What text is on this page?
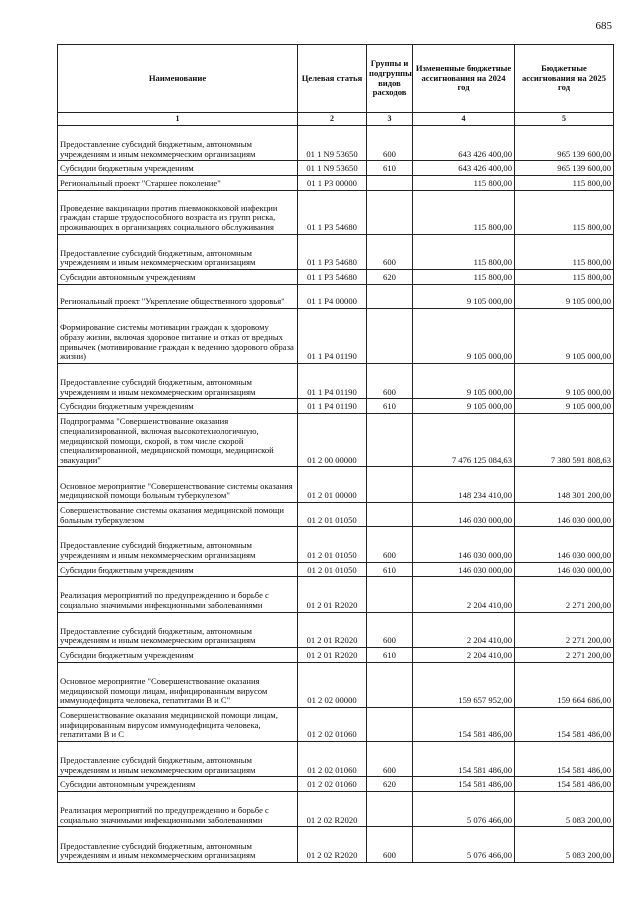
685
Наименование	Целевая статья	Группы и подгруппы видов расходов	Измененные бюджетные ассигнования на 2024 год	Бюджетные ассигнования на 2025 год
1	2	3	4	5
Предоставление субсидий бюджетным, автономным учреждениям и иным некоммерческим организациям	01 1 N9 53650	600	643 426 400,00	965 139 600,00
Субсидии бюджетным учреждениям	01 1 N9 53650	610	643 426 400,00	965 139 600,00
Региональный проект "Старшее поколение"	01 1 P3 00000		115 800,00	115 800,00
Проведение вакцинации против пневмококковой инфекции граждан старше трудоспособного возраста из групп риска, проживающих в организациях социального обслуживания	01 1 P3 54680		115 800,00	115 800,00
Предоставление субсидий бюджетным, автономным учреждениям и иным некоммерческим организациям	01 1 P3 54680	600	115 800,00	115 800,00
Субсидии автономным учреждениям	01 1 P3 54680	620	115 800,00	115 800,00
Региональный проект "Укрепление общественного здоровья"	01 1 P4 00000		9 105 000,00	9 105 000,00
Формирование системы мотивации граждан к здоровому образу жизни, включая здоровое питание и отказ от вредных привычек (мотивирование граждан к ведению здорового образа жизни)	01 1 P4 01190		9 105 000,00	9 105 000,00
Предоставление субсидий бюджетным, автономным учреждениям и иным некоммерческим организациям	01 1 P4 01190	600	9 105 000,00	9 105 000,00
Субсидии бюджетным учреждениям	01 1 P4 01190	610	9 105 000,00	9 105 000,00
Подпрограмма "Совершенствование оказания специализированной, включая высокотехнологичную, медицинской помощи, скорой, в том числе скорой специализированной, медицинской помощи, медицинской эвакуации"	01 2 00 00000		7 476 125 084,63	7 380 591 808,63
Основное мероприятие "Совершенствование системы оказания медицинской помощи больным туберкулезом"	01 2 01 00000		148 234 410,00	148 301 200,00
Совершенствование системы оказания медицинской помощи больным туберкулезом	01 2 01 01050		146 030 000,00	146 030 000,00
Предоставление субсидий бюджетным, автономным учреждениям и иным некоммерческим организациям	01 2 01 01050	600	146 030 000,00	146 030 000,00
Субсидии бюджетным учреждениям	01 2 01 01050	610	146 030 000,00	146 030 000,00
Реализация мероприятий по предупреждению и борьбе с социально значимыми инфекционными заболеваниями	01 2 01 R2020		2 204 410,00	2 271 200,00
Предоставление субсидий бюджетным, автономным учреждениям и иным некоммерческим организациям	01 2 01 R2020	600	2 204 410,00	2 271 200,00
Субсидии бюджетным учреждениям	01 2 01 R2020	610	2 204 410,00	2 271 200,00
Основное мероприятие "Совершенствование оказания медицинской помощи лицам, инфицированным вирусом иммунодефицита человека, гепатитами В и С"	01 2 02 00000		159 657 952,00	159 664 686,00
Совершенствование оказания медицинской помощи лицам, инфицированным вирусом иммунодефицита человека, гепатитами В и С	01 2 02 01060		154 581 486,00	154 581 486,00
Предоставление субсидий бюджетным, автономным учреждениям и иным некоммерческим организациям	01 2 02 01060	600	154 581 486,00	154 581 486,00
Субсидии автономным учреждениям	01 2 02 01060	620	154 581 486,00	154 581 486,00
Реализация мероприятий по предупреждению и борьбе с социально значимыми инфекционными заболеваниями	01 2 02 R2020		5 076 466,00	5 083 200,00
Предоставление субсидий бюджетным, автономным учреждениям и иным некоммерческим организациям	01 2 02 R2020	600	5 076 466,00	5 083 200,00
